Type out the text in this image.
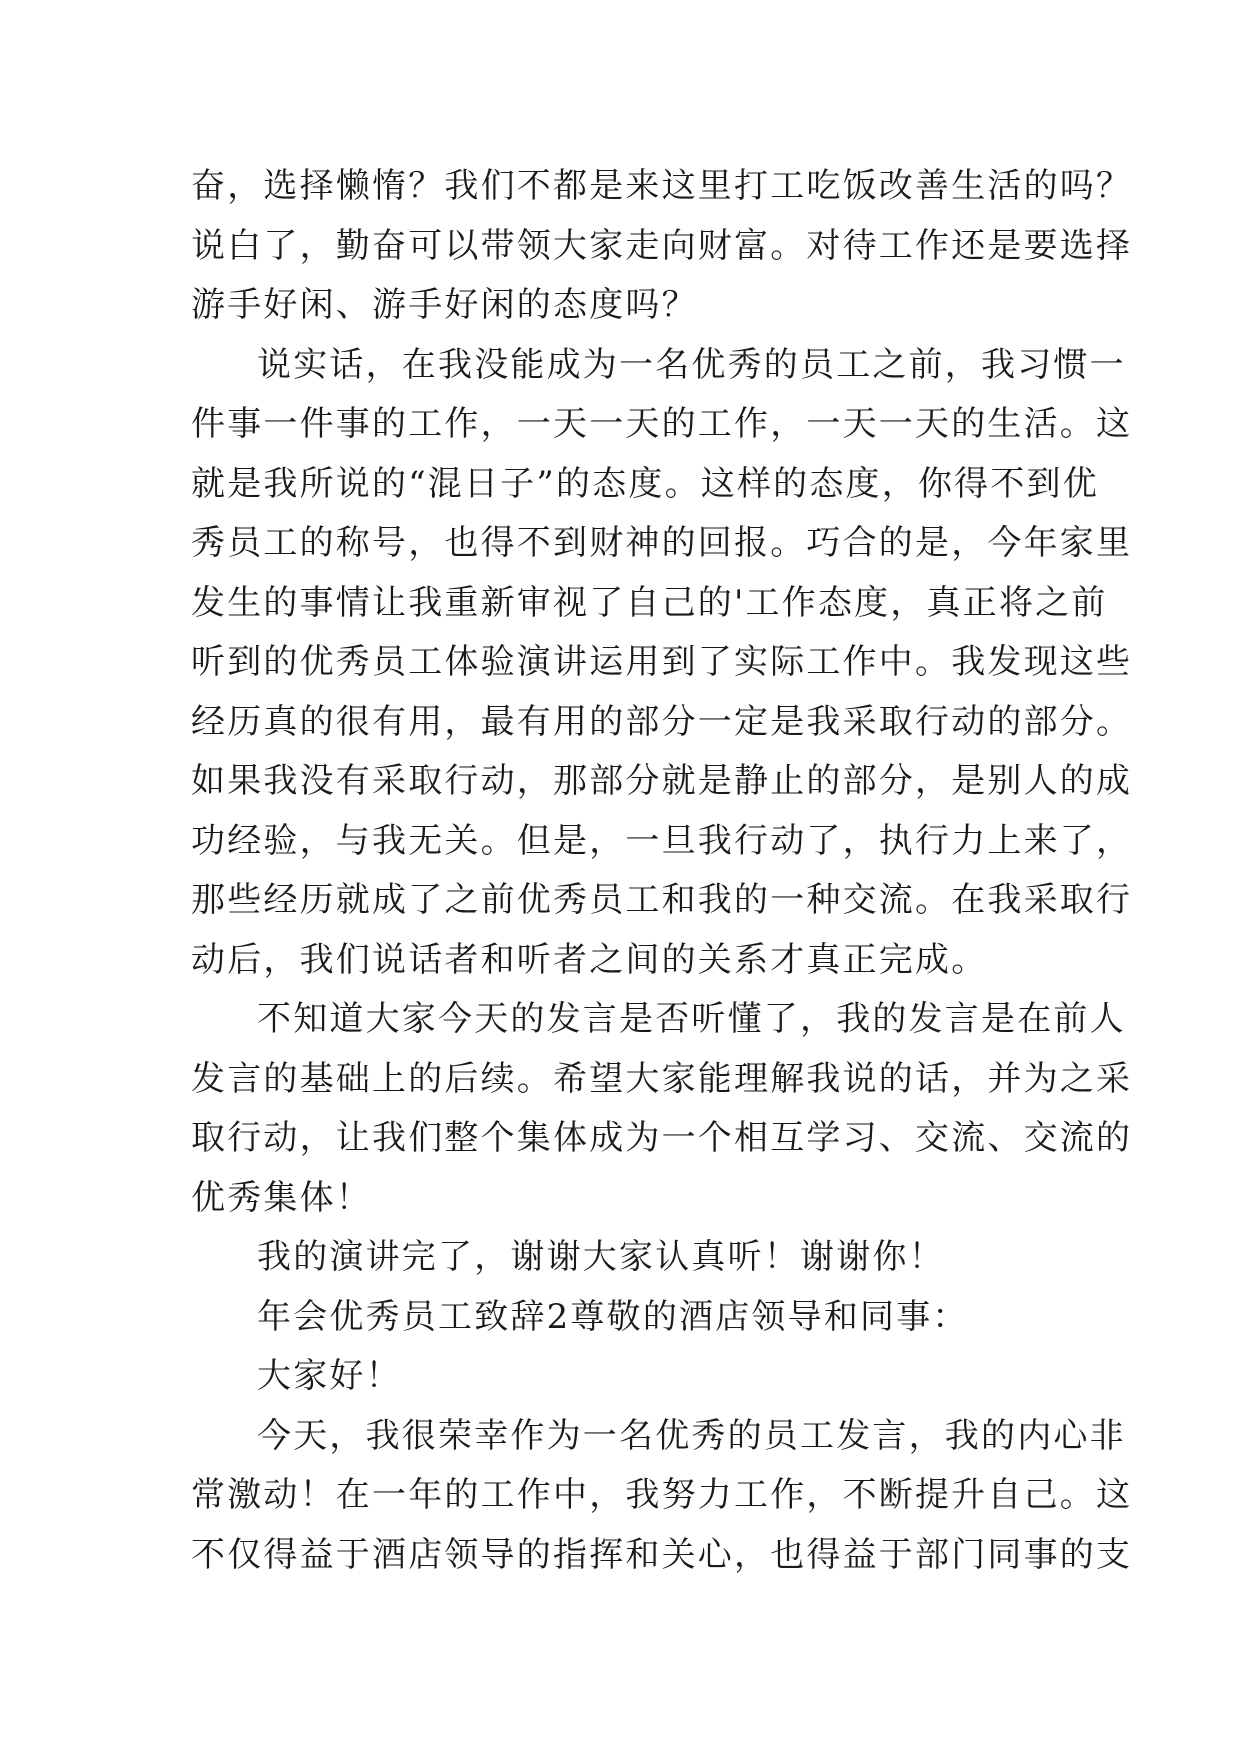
奋，选择懒惰？我们不都是来这里打工吃饭改善生活的吗？
说白了，勤奋可以带领大家走向财富。对待工作还是要选择
游手好闲、游手好闲的态度吗？
说实话，在我没能成为一名优秀的员工之前，我习惯一
件事一件事的工作，一天一天的工作，一天一天的生活。这
就是我所说的“混日子”的态度。这样的态度，你得不到优
秀员工的称号，也得不到财神的回报。巧合的是，今年家里
发生的事情让我重新审视了自己的'工作态度，真正将之前
听到的优秀员工体验演讲运用到了实际工作中。我发现这些
经历真的很有用，最有用的部分一定是我采取行动的部分。
如果我没有采取行动，那部分就是静止的部分，是别人的成
功经验，与我无关。但是，一旦我行动了，执行力上来了，
那些经历就成了之前优秀员工和我的一种交流。在我采取行
动后，我们说话者和听者之间的关系才真正完成。
不知道大家今天的发言是否听懂了，我的发言是在前人
发言的基础上的后续。希望大家能理解我说的话，并为之采
取行动，让我们整个集体成为一个相互学习、交流、交流的
优秀集体！
我的演讲完了，谢谢大家认真听！谢谢你！
年会优秀员工致辞2尊敬的酒店领导和同事：
大家好！
今天，我很荣幸作为一名优秀的员工发言，我的内心非
常激动！在一年的工作中，我努力工作，不断提升自己。这
不仅得益于酒店领导的指挥和关心，也得益于部门同事的支
